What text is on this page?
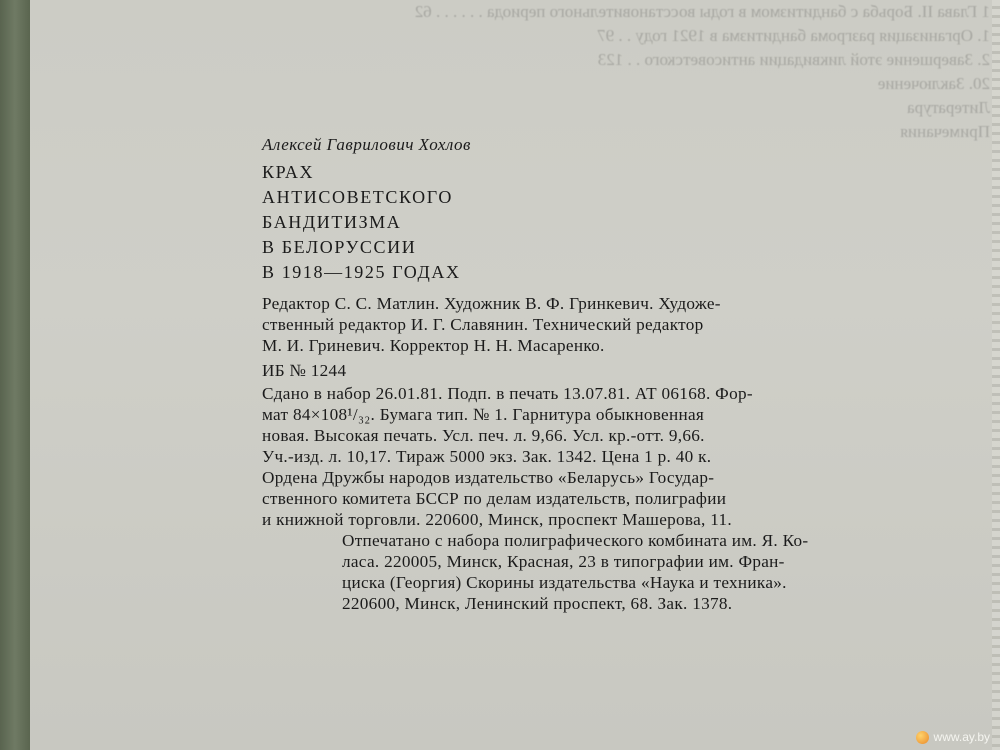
1 Глава II. Борьба с бандитизмом в годы восстановительного периода . . . . . . 62
1. Организация разгрома бандитизма в 1921 году . . 97
2. Завершение этой ликвидации антисоветского . . 123
20. Заключение
Литература
Примечания
Алексей Гаврилович Хохлов
КРАХ
АНТИСОВЕТСКОГО
БАНДИТИЗМА
В БЕЛОРУССИИ
В 1918—1925 ГОДАХ
Редактор С. С. Матлин. Художник В. Ф. Гринкевич. Художе-
ственный редактор И. Г. Славянин. Технический редактор
М. И. Гриневич. Корректор Н. Н. Масаренко.
ИБ № 1244
Сдано в набор 26.01.81. Подп. в печать 13.07.81. АТ 06168. Фор-
мат 84×108¹/₃₂. Бумага тип. № 1. Гарнитура обыкновенная
новая. Высокая печать. Усл. печ. л. 9,66. Усл. кр.-отт. 9,66.
Уч.-изд. л. 10,17. Тираж 5000 экз. Зак. 1342. Цена 1 р. 40 к.
Ордена Дружбы народов издательство «Беларусь» Государ-
ственного комитета БССР по делам издательств, полиграфии
и книжной торговли. 220600, Минск, проспект Машерова, 11.
Отпечатано с набора полиграфического комбината им. Я. Ко-
ласа. 220005, Минск, Красная, 23 в типографии им. Фран-
циска (Георгия) Скорины издательства «Наука и техника».
220600, Минск, Ленинский проспект, 68. Зак. 1378.
www.ay.by
